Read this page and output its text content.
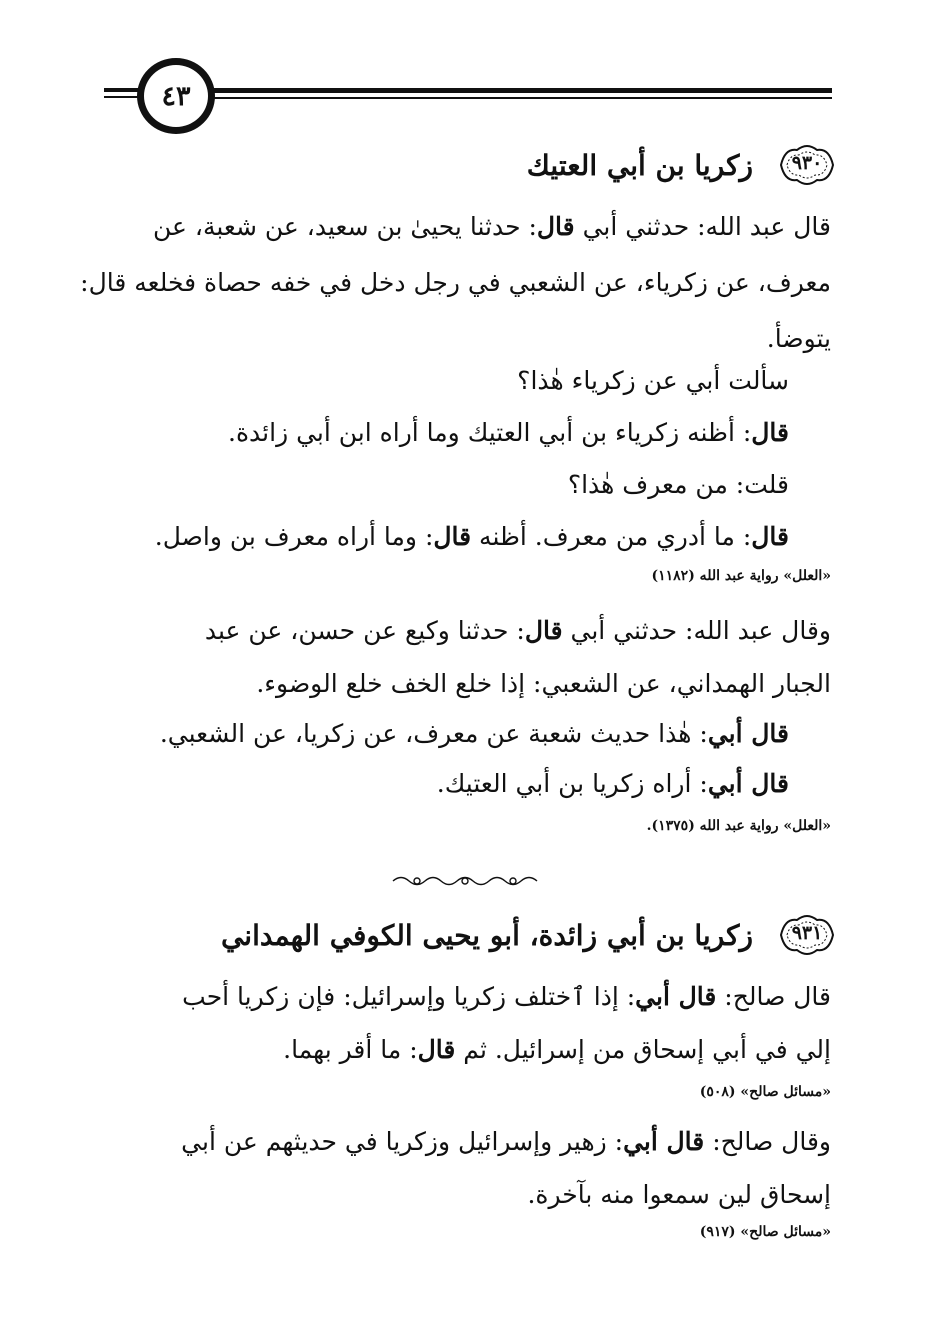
٤٣
٩٣٠
زكريا بن أبي العتيك
قال عبد الله: حدثني أبي قال: حدثنا يحيىٰ بن سعيد، عن شعبة، عن
معرف، عن زكرياء، عن الشعبي في رجل دخل في خفه حصاة فخلعه قال:
يتوضأ.
سألت أبي عن زكرياء هٰذا؟
قال: أظنه زكرياء بن أبي العتيك وما أراه ابن أبي زائدة.
قلت: من معرف هٰذا؟
قال: ما أدري من معرف. أظنه قال: وما أراه معرف بن واصل.
«العلل» رواية عبد الله (١١٨٢)
وقال عبد الله: حدثني أبي قال: حدثنا وكيع عن حسن، عن عبد
الجبار الهمداني، عن الشعبي: إذا خلع الخف خلع الوضوء.
قال أبي: هٰذا حديث شعبة عن معرف، عن زكريا، عن الشعبي.
قال أبي: أراه زكريا بن أبي العتيك.
«العلل» رواية عبد الله (١٣٧٥).
٩٣١
زكريا بن أبي زائدة، أبو يحيى الكوفي الهمداني
قال صالح: قال أبي: إذا ٱختلف زكريا وإسرائيل: فإن زكريا أحب
إلي في أبي إسحاق من إسرائيل. ثم قال: ما أقر بهما.
«مسائل صالح» (٥٠٨)
وقال صالح: قال أبي: زهير وإسرائيل وزكريا في حديثهم عن أبي
إسحاق لين سمعوا منه بآخرة.
«مسائل صالح» (٩١٧)
